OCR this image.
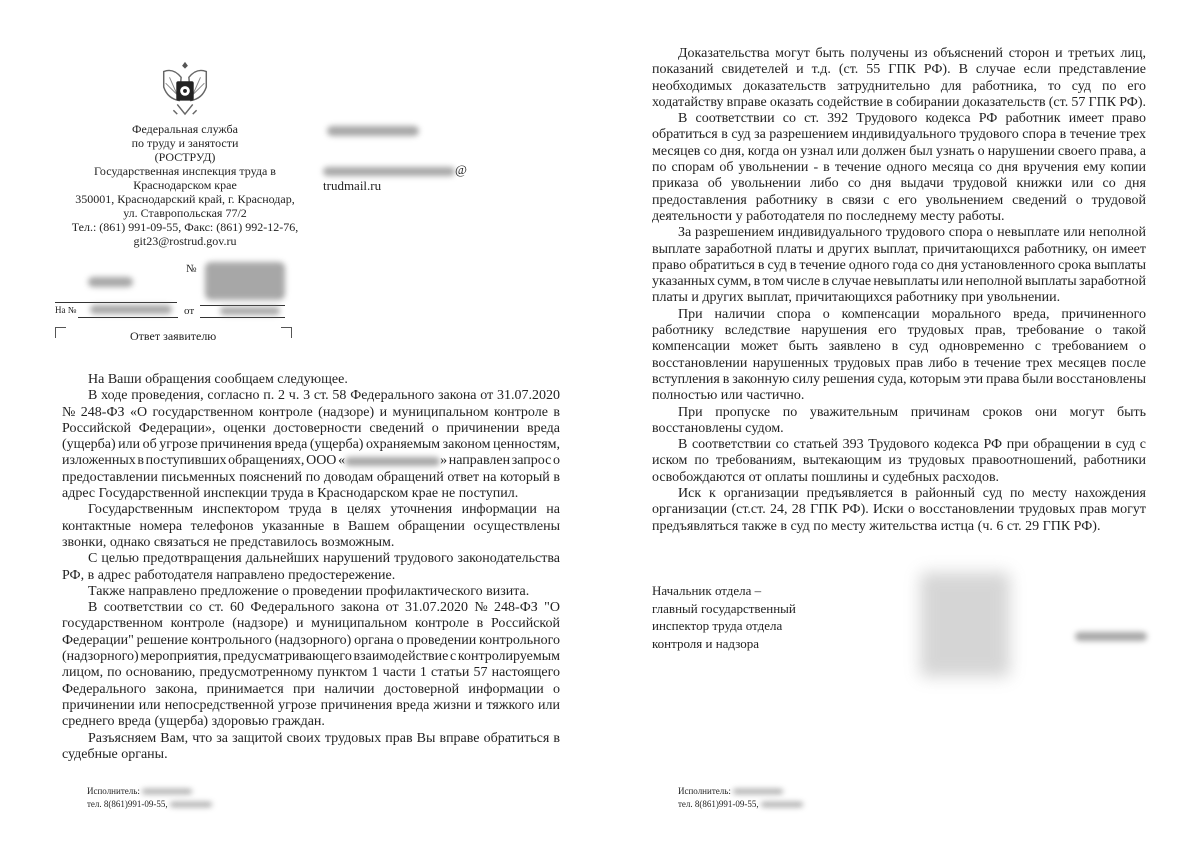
Федеральная служба
по труду и занятости
(РОСТРУД)
Государственная инспекция труда в
Краснодарском крае
350001, Краснодарский край, г. Краснодар,
ул. Ставропольская 77/2
Тел.: (861) 991-09-55, Факс: (861) 992-12-76,
git23@rostrud.gov.ru
@
trudmail.ru
№
На №	от
Ответ заявителю
На Ваши обращения сообщаем следующее.
В ходе проведения, согласно п. 2 ч. 3 ст. 58 Федерального закона от 31.07.2020
№ 248-ФЗ «О государственном контроле (надзоре) и муниципальном контроле в
Российской Федерации», оценки достоверности сведений о причинении вреда
(ущерба) или об угрозе причинения вреда (ущерба) охраняемым законом ценностям,
изложенных в поступивших обращениях, ООО «	» направлен запрос о
предоставлении письменных пояснений по доводам обращений ответ на который в
адрес Государственной инспекции труда в Краснодарском крае не поступил.
Государственным инспектором труда в целях уточнения информации на
контактные номера телефонов указанные в Вашем обращении осуществлены
звонки, однако связаться не представилось возможным.
С целью предотвращения дальнейших нарушений трудового законодательства
РФ, в адрес работодателя направлено предостережение.
Также направлено предложение о проведении профилактического визита.
В соответствии со ст. 60 Федерального закона от 31.07.2020 № 248-ФЗ "О
государственном контроле (надзоре) и муниципальном контроле в Российской
Федерации" решение контрольного (надзорного) органа о проведении контрольного
(надзорного) мероприятия, предусматривающего взаимодействие с контролируемым
лицом, по основанию, предусмотренному пунктом 1 части 1 статьи 57 настоящего
Федерального закона, принимается при наличии достоверной информации о
причинении или непосредственной угрозе причинения вреда жизни и тяжкого или
среднего вреда (ущерба) здоровью граждан.
Разъясняем Вам, что за защитой своих трудовых прав Вы вправе обратиться в
судебные органы.
Исполнитель:
тел. 8(861)991-09-55,
Доказательства могут быть получены из объяснений сторон и третьих лиц,
показаний свидетелей и т.д. (ст. 55 ГПК РФ). В случае если представление
необходимых доказательств затруднительно для работника, то суд по его
ходатайству вправе оказать содействие в собирании доказательств (ст. 57 ГПК РФ).
В соответствии со ст. 392 Трудового кодекса РФ работник имеет право
обратиться в суд за разрешением индивидуального трудового спора в течение трех
месяцев со дня, когда он узнал или должен был узнать о нарушении своего права, а
по спорам об увольнении - в течение одного месяца со дня вручения ему копии
приказа об увольнении либо со дня выдачи трудовой книжки или со дня
предоставления работнику в связи с его увольнением сведений о трудовой
деятельности у работодателя по последнему месту работы.
За разрешением индивидуального трудового спора о невыплате или неполной
выплате заработной платы и других выплат, причитающихся работнику, он имеет
право обратиться в суд в течение одного года со дня установленного срока выплаты
указанных сумм, в том числе в случае невыплаты или неполной выплаты заработной
платы и других выплат, причитающихся работнику при увольнении.
При наличии спора о компенсации морального вреда, причиненного
работнику вследствие нарушения его трудовых прав, требование о такой
компенсации может быть заявлено в суд одновременно с требованием о
восстановлении нарушенных трудовых прав либо в течение трех месяцев после
вступления в законную силу решения суда, которым эти права были восстановлены
полностью или частично.
При пропуске по уважительным причинам сроков они могут быть
восстановлены судом.
В соответствии со статьей 393 Трудового кодекса РФ при обращении в суд с
иском по требованиям, вытекающим из трудовых правоотношений, работники
освобождаются от оплаты пошлины и судебных расходов.
Иск к организации предъявляется в районный суд по месту нахождения
организации (ст.ст. 24, 28 ГПК РФ). Иски о восстановлении трудовых прав могут
предъявляться также в суд по месту жительства истца (ч. 6 ст. 29 ГПК РФ).
Начальник отдела –
главный государственный
инспектор труда отдела
контроля и надзора
Исполнитель:
тел. 8(861)991-09-55,
